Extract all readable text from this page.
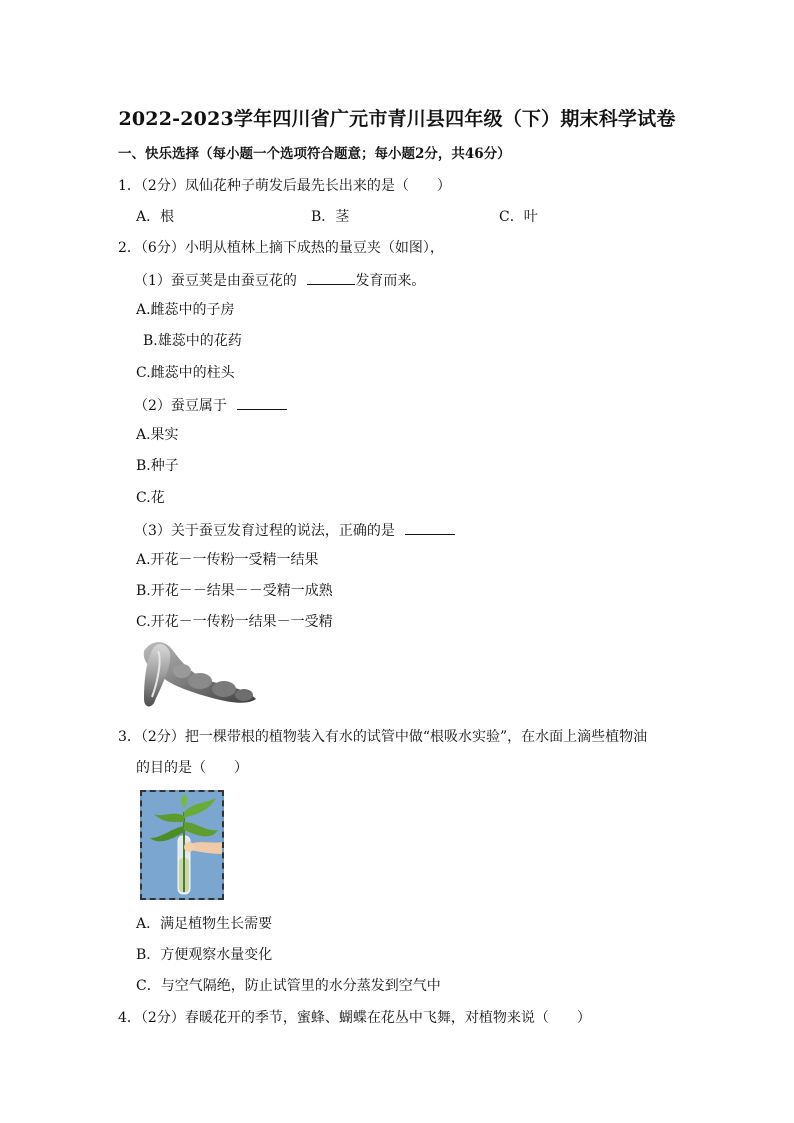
2022-2023学年四川省广元市青川县四年级（下）期末科学试卷
一、快乐选择（每小题一个选项符合题意；每小题2分，共46分）
1．（2分）凤仙花种子萌发后最先长出来的是（　　）
A．根	B．茎	C．叶
2．（6分）小明从植林上摘下成热的量豆夹（如图），
（1）蚕豆荚是由蚕豆花的	发育而来。
A.雌蕊中的子房
B.雄蕊中的花药
C.雌蕊中的柱头
（2）蚕豆属于
A.果实
B.种子
C.花
（3）关于蚕豆发育过程的说法，正确的是
A.开花－一传粉一受精一结果
B.开花－－结果－－受精一成熟
C.开花－一传粉一结果－一受精
3．（2分）把一棵带根的植物装入有水的试管中做“根吸水实验”，在水面上滴些植物油
的目的是（　　）
A．满足植物生长需要
B．方便观察水量变化
C．与空气隔绝，防止试管里的水分蒸发到空气中
4．（2分）春暖花开的季节，蜜蜂、蝴蝶在花丛中飞舞，对植物来说（　　）
